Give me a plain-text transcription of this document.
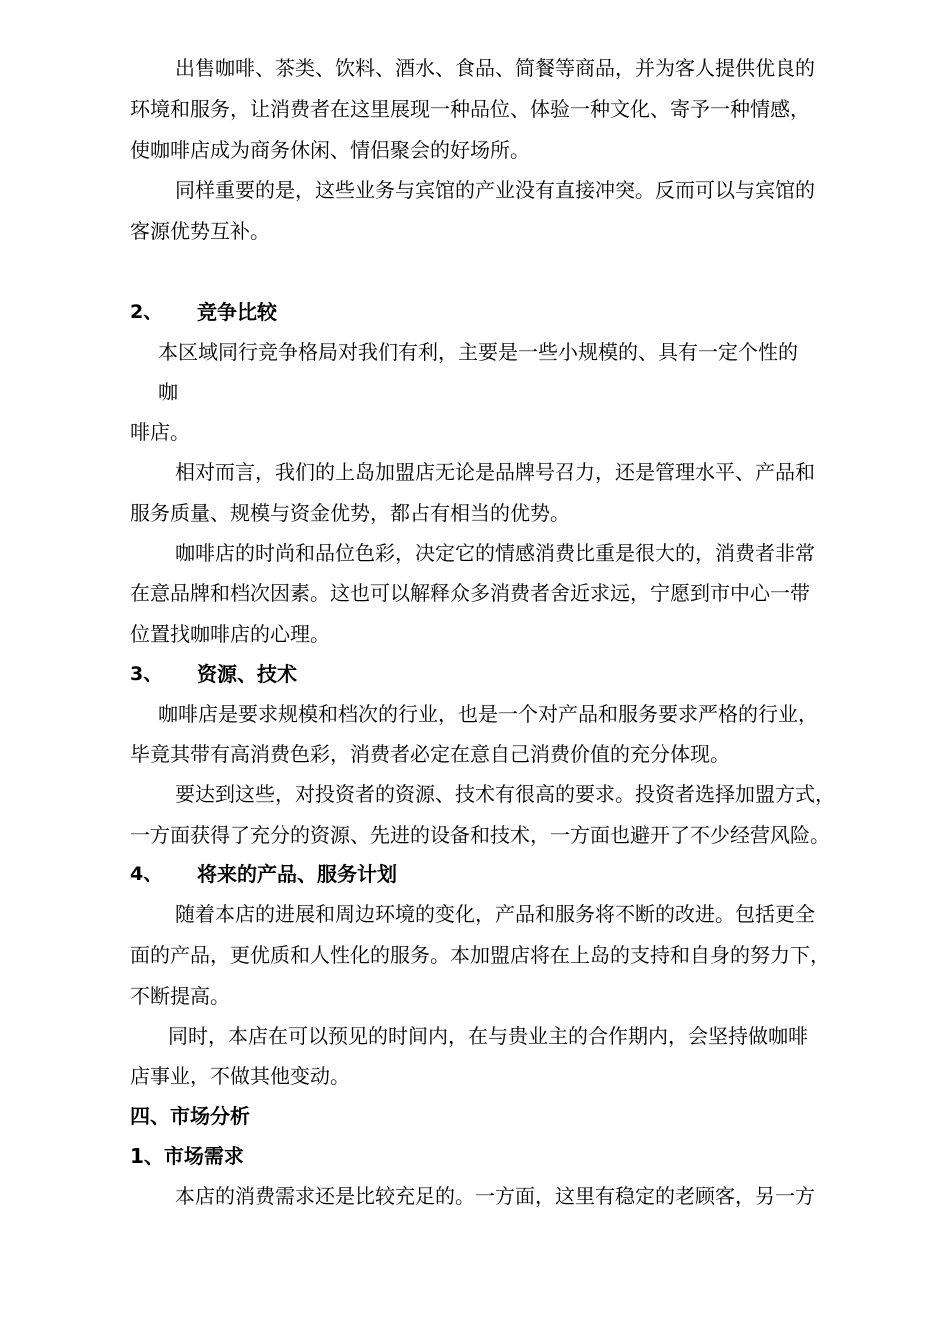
出售咖啡、茶类、饮料、酒水、食品、简餐等商品，并为客人提供优良的
环境和服务，让消费者在这里展现一种品位、体验一种文化、寄予一种情感，
使咖啡店成为商务休闲、情侣聚会的好场所。
同样重要的是，这些业务与宾馆的产业没有直接冲突。反而可以与宾馆的
客源优势互补。
2、 竞争比较
本区域同行竞争格局对我们有利，主要是一些小规模的、具有一定个性的
咖
啡店。
相对而言，我们的上岛加盟店无论是品牌号召力，还是管理水平、产品和
服务质量、规模与资金优势，都占有相当的优势。
咖啡店的时尚和品位色彩，决定它的情感消费比重是很大的，消费者非常
在意品牌和档次因素。这也可以解释众多消费者舍近求远，宁愿到市中心一带
位置找咖啡店的心理。
3、 资源、技术
咖啡店是要求规模和档次的行业，也是一个对产品和服务要求严格的行业，
毕竟其带有高消费色彩，消费者必定在意自己消费价值的充分体现。
要达到这些，对投资者的资源、技术有很高的要求。投资者选择加盟方式，
一方面获得了充分的资源、先进的设备和技术，一方面也避开了不少经营风险。
4、 将来的产品、服务计划
随着本店的进展和周边环境的变化，产品和服务将不断的改进。包括更全
面的产品，更优质和人性化的服务。本加盟店将在上岛的支持和自身的努力下，
不断提高。
同时，本店在可以预见的时间内，在与贵业主的合作期内，会坚持做咖啡
店事业，不做其他变动。
四、市场分析
1、市场需求
本店的消费需求还是比较充足的。一方面，这里有稳定的老顾客，另一方
